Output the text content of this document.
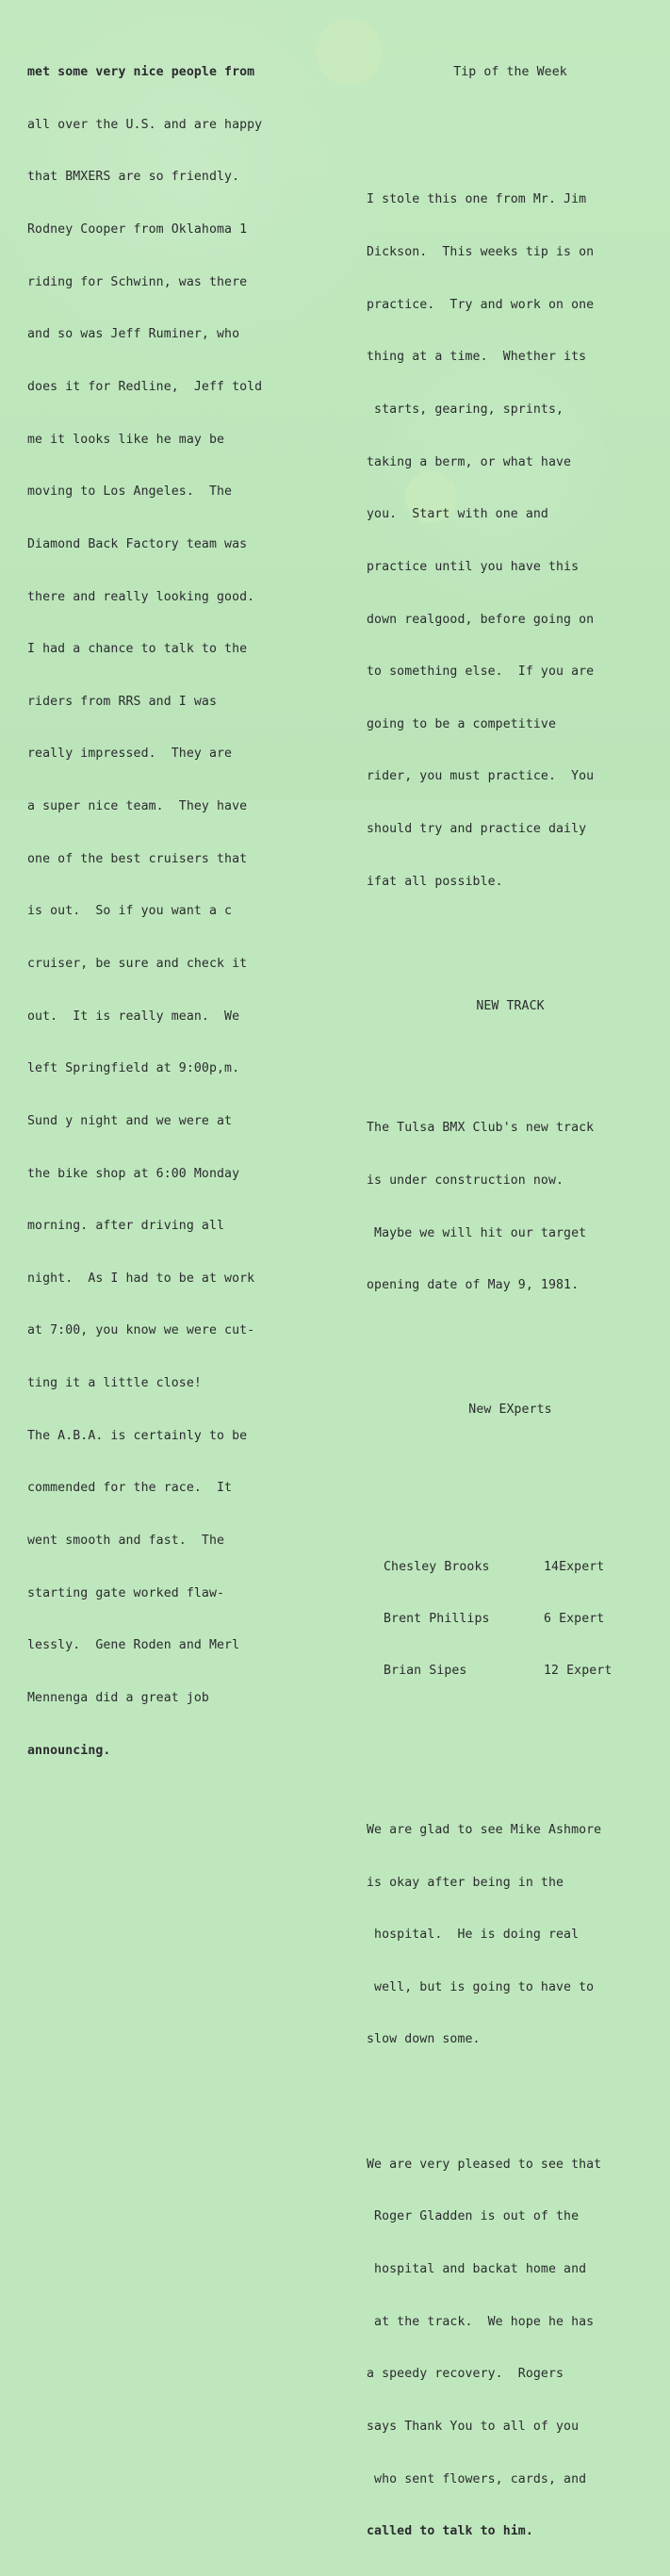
met some very nice people from

all over the U.S. and are happy

that BMXERS are so friendly.

Rodney Cooper from Oklahoma 1

riding for Schwinn, was there

and so was Jeff Ruminer, who

does it for Redline,  Jeff told

me it looks like he may be

moving to Los Angeles.  The

Diamond Back Factory team was

there and really looking good.

I had a chance to talk to the

riders from RRS and I was

really impressed.  They are

a super nice team.  They have

one of the best cruisers that

is out.  So if you want a c

cruiser, be sure and check it

out.  It is really mean.  We

left Springfield at 9:00p,m.

Sund y night and we were at

the bike shop at 6:00 Monday

morning. after driving all

night.  As I had to be at work

at 7:00, you know we were cut-

ting it a little close!

The A.B.A. is certainly to be

commended for the race.  It

went smooth and fast.  The

starting gate worked flaw-

lessly.  Gene Roden and Merl

Mennenga did a great job

announcing.

Tip of the Week

I stole this one from Mr. Jim

Dickson.  This weeks tip is on

practice.  Try and work on one

thing at a time.  Whether its

starts, gearing, sprints,

taking a berm, or what have

you.  Start with one and

practice until you have this

down realgood, before going on

to something else.  If you are

going to be a competitive

rider, you must practice.  You

should try and practice daily

ifat all possible.

NEW TRACK

The Tulsa BMX Club's new track

is under construction now.

Maybe we will hit our target

opening date of May 9, 1981.

New EXperts

Chesley Brooks	14Expert

Brent Phillips	6 Expert

Brian Sipes	12 Expert

We are glad to see Mike Ashmore

is okay after being in the

hospital.  He is doing real

well, but is going to have to

slow down some.

We are very pleased to see that

Roger Gladden is out of the

hospital and backat home and

at the track.  We hope he has

a speedy recovery.  Rogers

says Thank You to all of you

who sent flowers, cards, and

called to talk to him.
